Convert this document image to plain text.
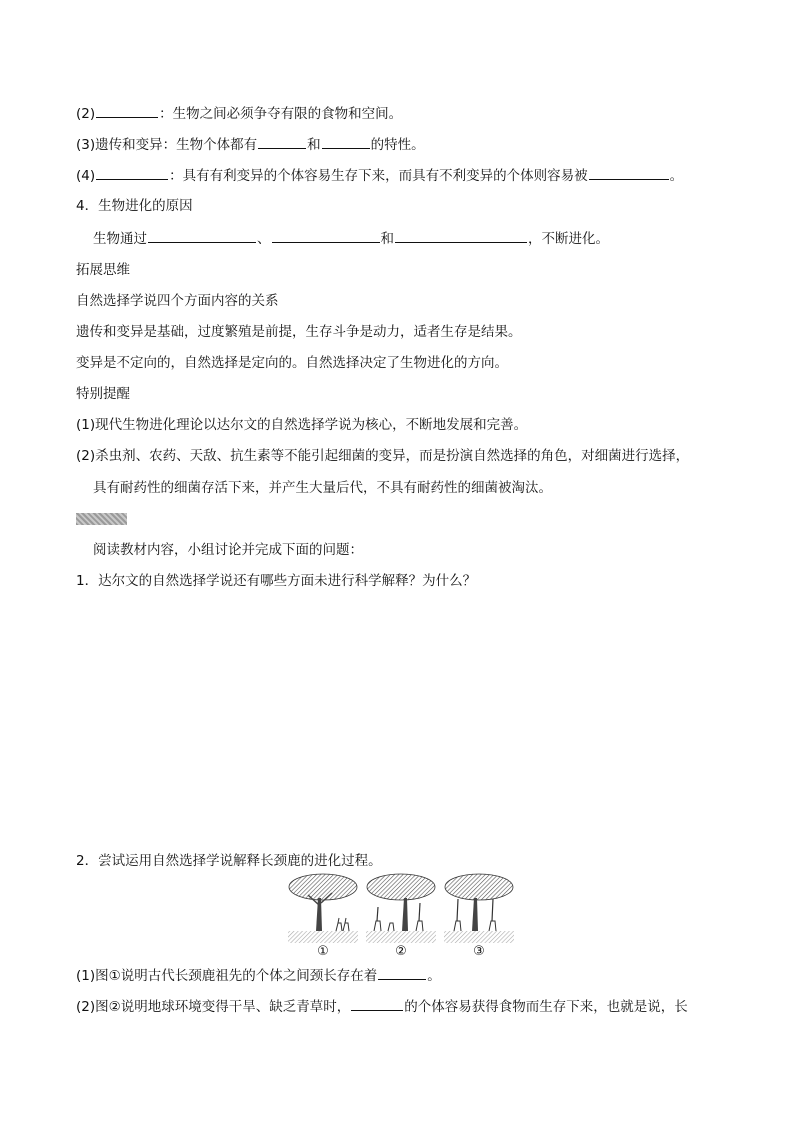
(2)	：生物之间必须争夺有限的食物和空间。
(3)遗传和变异：生物个体都有	和	的特性。
(4)	：具有有利变异的个体容易生存下来，而具有不利变异的个体则容易被	。
4．生物进化的原因
生物通过	、	和	，不断进化。
拓展思维
自然选择学说四个方面内容的关系
遗传和变异是基础，过度繁殖是前提，生存斗争是动力，适者生存是结果。
变异是不定向的，自然选择是定向的。自然选择决定了生物进化的方向。
特别提醒
(1)现代生物进化理论以达尔文的自然选择学说为核心，不断地发展和完善。
(2)杀虫剂、农药、天敌、抗生素等不能引起细菌的变异，而是扮演自然选择的角色，对细菌进行选择，
具有耐药性的细菌存活下来，并产生大量后代，不具有耐药性的细菌被淘汰。
阅读教材内容，小组讨论并完成下面的问题：
1．达尔文的自然选择学说还有哪些方面未进行科学解释？为什么？
2．尝试运用自然选择学说解释长颈鹿的进化过程。
①	②	③
(1)图①说明古代长颈鹿祖先的个体之间颈长存在着	。
(2)图②说明地球环境变得干旱、缺乏青草时，	的个体容易获得食物而生存下来，也就是说，长
